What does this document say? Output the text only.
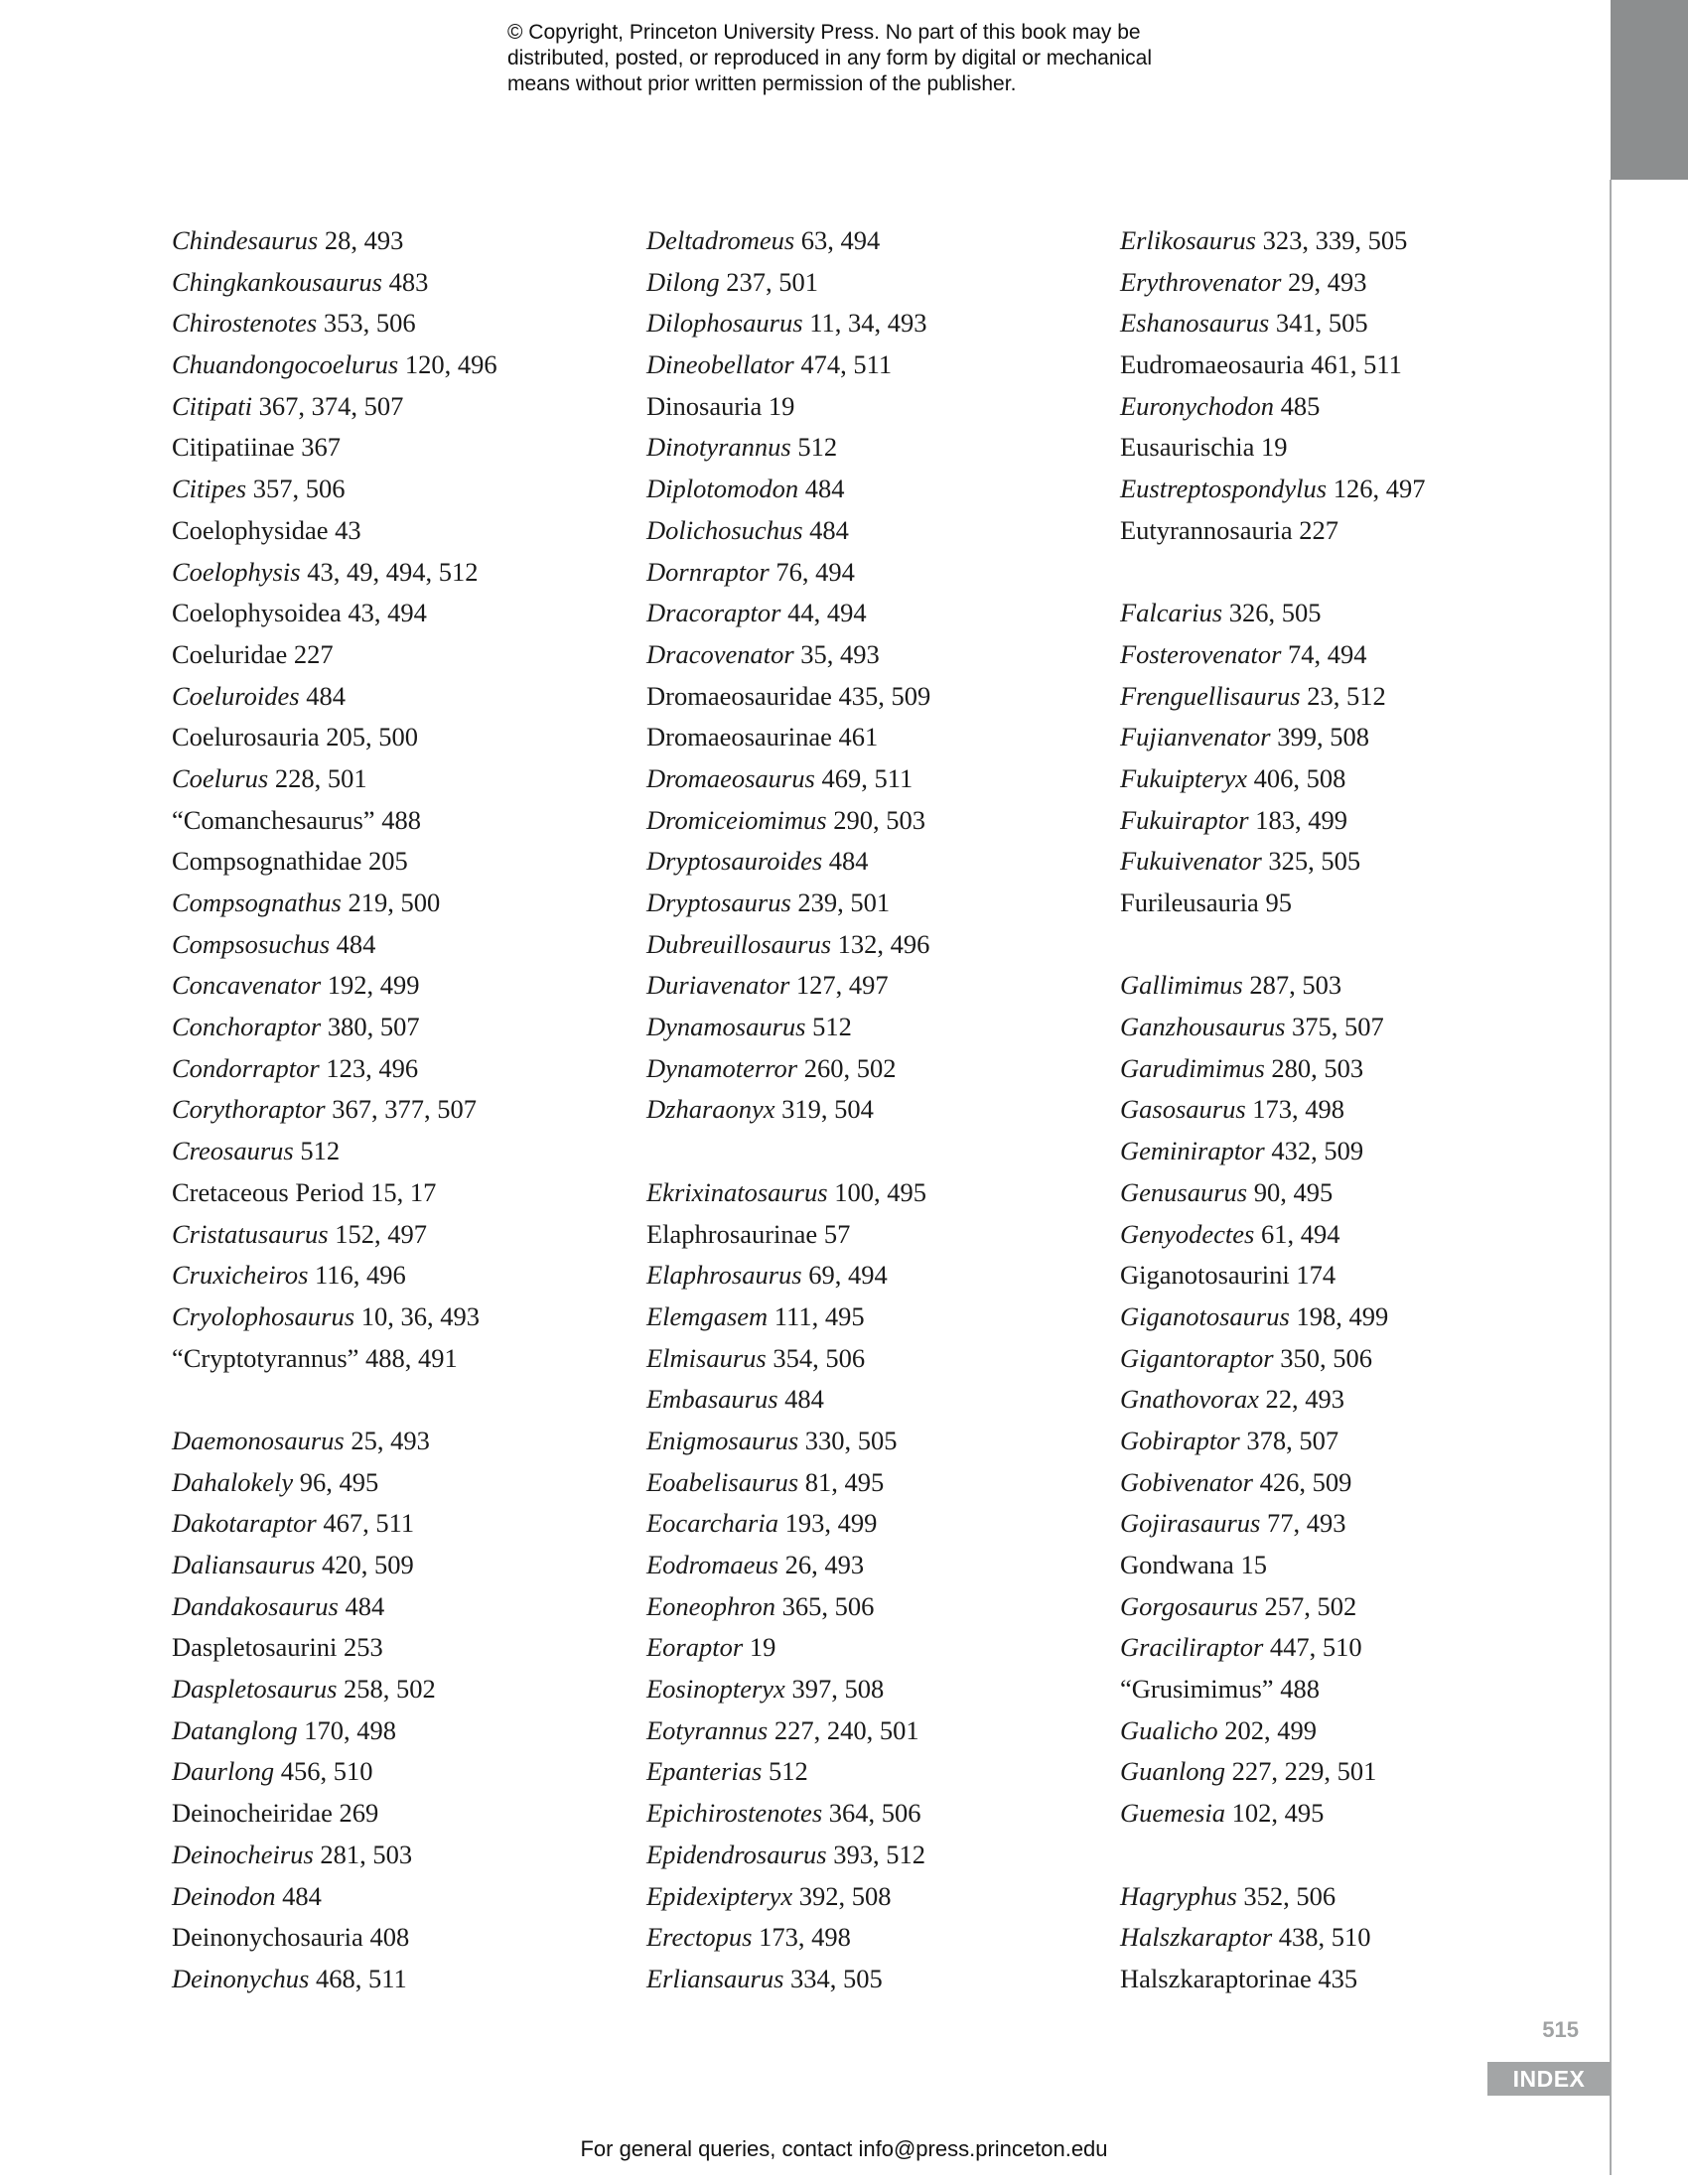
© Copyright, Princeton University Press. No part of this book may be
distributed, posted, or reproduced in any form by digital or mechanical
means without prior written permission of the publisher.
Chindesaurus 28, 493
Chingkankousaurus 483
Chirostenotes 353, 506
Chuandongocoelurus 120, 496
Citipati 367, 374, 507
Citipatiinae 367
Citipes 357, 506
Coelophysidae 43
Coelophysis 43, 49, 494, 512
Coelophysoidea 43, 494
Coeluridae 227
Coeluroides 484
Coelurosauria 205, 500
Coelurus 228, 501
“Comanchesaurus” 488
Compsognathidae 205
Compsognathus 219, 500
Compsosuchus 484
Concavenator 192, 499
Conchoraptor 380, 507
Condorraptor 123, 496
Corythoraptor 367, 377, 507
Creosaurus 512
Cretaceous Period 15, 17
Cristatusaurus 152, 497
Cruxicheiros 116, 496
Cryolophosaurus 10, 36, 493
“Cryptotyrannus” 488, 491
Daemonosaurus 25, 493
Dahalokely 96, 495
Dakotaraptor 467, 511
Daliansaurus 420, 509
Dandakosaurus 484
Daspletosaurini 253
Daspletosaurus 258, 502
Datanglong 170, 498
Daurlong 456, 510
Deinocheiridae 269
Deinocheirus 281, 503
Deinodon 484
Deinonychosauria 408
Deinonychus 468, 511
Deltadromeus 63, 494
Dilong 237, 501
Dilophosaurus 11, 34, 493
Dineobellator 474, 511
Dinosauria 19
Dinotyrannus 512
Diplotomodon 484
Dolichosuchus 484
Dornraptor 76, 494
Dracoraptor 44, 494
Dracovenator 35, 493
Dromaeosauridae 435, 509
Dromaeosaurinae 461
Dromaeosaurus 469, 511
Dromiceiomimus 290, 503
Dryptosauroides 484
Dryptosaurus 239, 501
Dubreuillosaurus 132, 496
Duriavenator 127, 497
Dynamosaurus 512
Dynamoterror 260, 502
Dzharaonyx 319, 504
Ekrixinatosaurus 100, 495
Elaphrosaurinae 57
Elaphrosaurus 69, 494
Elemgasem 111, 495
Elmisaurus 354, 506
Embasaurus 484
Enigmosaurus 330, 505
Eoabelisaurus 81, 495
Eocarcharia 193, 499
Eodromaeus 26, 493
Eoneophron 365, 506
Eoraptor 19
Eosinopteryx 397, 508
Eotyrannus 227, 240, 501
Epanterias 512
Epichirostenotes 364, 506
Epidendrosaurus 393, 512
Epidexipteryx 392, 508
Erectopus 173, 498
Erliansaurus 334, 505
Erlikosaurus 323, 339, 505
Erythrovenator 29, 493
Eshanosaurus 341, 505
Eudromaeosauria 461, 511
Euronychodon 485
Eusaurischia 19
Eustreptospondylus 126, 497
Eutyrannosauria 227
Falcarius 326, 505
Fosterovenator 74, 494
Frenguellisaurus 23, 512
Fujianvenator 399, 508
Fukuipteryx 406, 508
Fukuiraptor 183, 499
Fukuivenator 325, 505
Furileusauria 95
Gallimimus 287, 503
Ganzhousaurus 375, 507
Garudimimus 280, 503
Gasosaurus 173, 498
Geminiraptor 432, 509
Genusaurus 90, 495
Genyodectes 61, 494
Giganotosaurini 174
Giganotosaurus 198, 499
Gigantoraptor 350, 506
Gnathovorax 22, 493
Gobiraptor 378, 507
Gobivenator 426, 509
Gojirasaurus 77, 493
Gondwana 15
Gorgosaurus 257, 502
Graciliraptor 447, 510
“Grusimimus” 488
Gualicho 202, 499
Guanlong 227, 229, 501
Guemesia 102, 495
Hagryphus 352, 506
Halszkaraptor 438, 510
Halszkaraptorinae 435
515
INDEX
For general queries, contact info@press.princeton.edu
